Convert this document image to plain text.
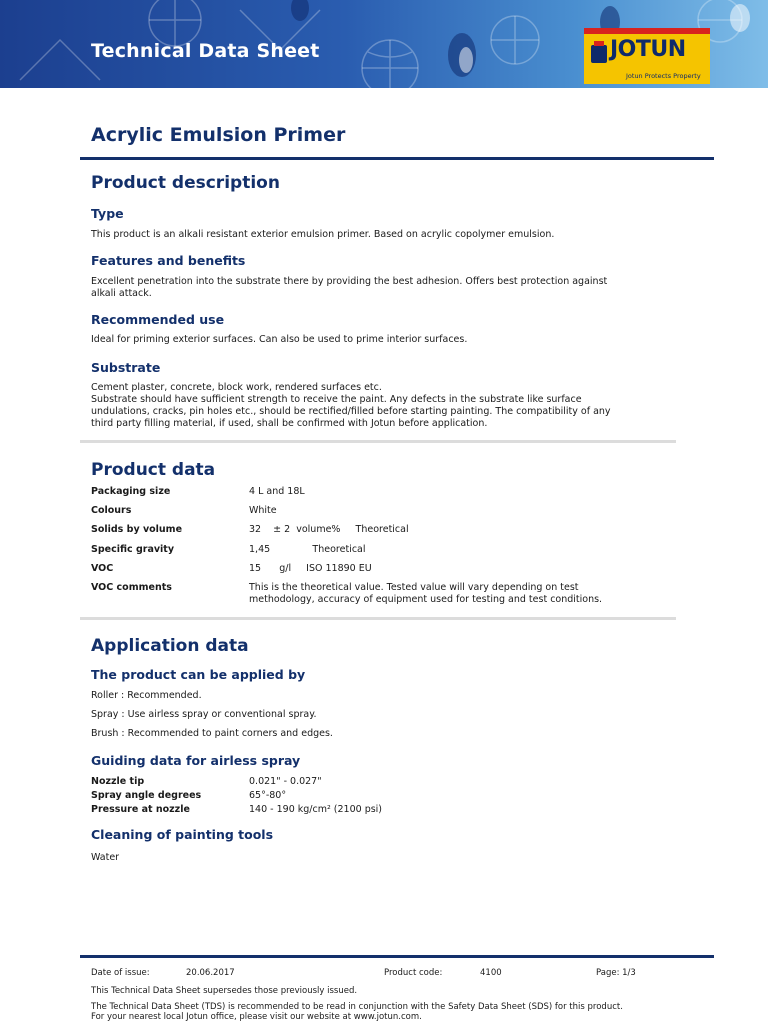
Technical Data Sheet	JOTUN
Jotun Protects Property
Acrylic Emulsion Primer
Product description
Type
This product is an alkali resistant exterior emulsion primer. Based on acrylic copolymer emulsion.
Features and benefits
Excellent penetration into the substrate there by providing the best adhesion. Offers best protection against
alkali attack.
Recommended use
Ideal for priming exterior surfaces. Can also be used to prime interior surfaces.
Substrate
Cement plaster, concrete, block work, rendered surfaces etc.
Substrate should have sufficient strength to receive the paint. Any defects in the substrate like surface
undulations, cracks, pin holes etc., should be rectified/filled before starting painting. The compatibility of any
third party filling material, if used, shall be confirmed with Jotun before application.
Product data
Packaging size	4 L and 18L
Colours	White
Solids by volume	32    ± 2  volume%     Theoretical
Specific gravity	1,45              Theoretical
VOC	15      g/l     ISO 11890 EU
VOC comments	This is the theoretical value. Tested value will vary depending on test
methodology, accuracy of equipment used for testing and test conditions.
Application data
The product can be applied by
Roller : Recommended.
Spray : Use airless spray or conventional spray.
Brush : Recommended to paint corners and edges.
Guiding data for airless spray
Nozzle tip	0.021" - 0.027"
Spray angle degrees	65°-80°
Pressure at nozzle	140 - 190 kg/cm² (2100 psi)
Cleaning of painting tools
Water
Date of issue:	20.06.2017	Product code:	4100	Page: 1/3
This Technical Data Sheet supersedes those previously issued.
The Technical Data Sheet (TDS) is recommended to be read in conjunction with the Safety Data Sheet (SDS) for this product.
For your nearest local Jotun office, please visit our website at www.jotun.com.
